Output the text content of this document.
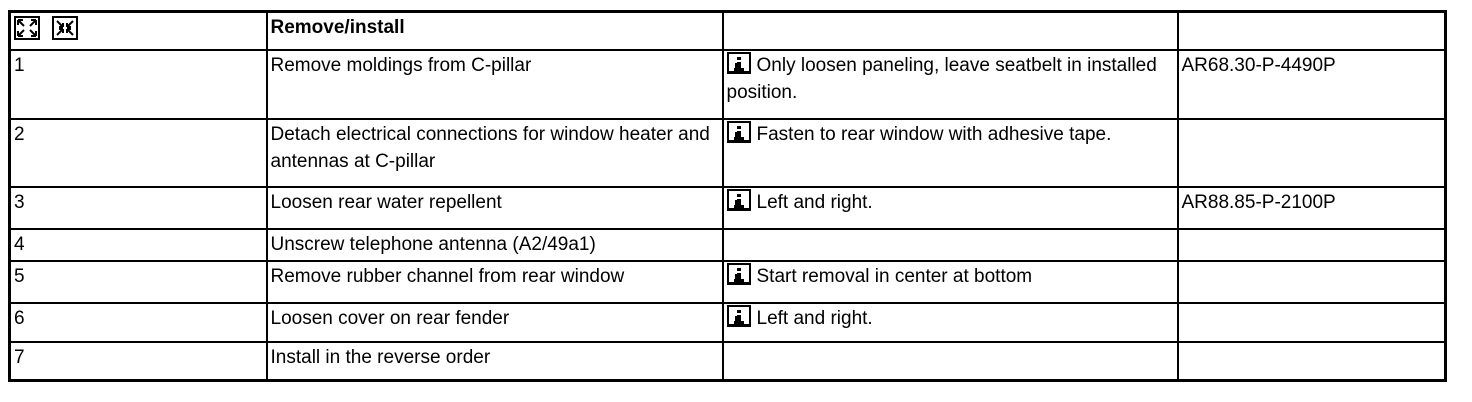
	Remove/install		
1	Remove moldings from C-pillar	Only loosen paneling, leave seatbelt in installed position.	AR68.30-P-4490P
2	Detach electrical connections for window heater and antennas at C-pillar	Fasten to rear window with adhesive tape.	
3	Loosen rear water repellent	Left and right.	AR88.85-P-2100P
4	Unscrew telephone antenna (A2/49a1)		
5	Remove rubber channel from rear window	Start removal in center at bottom	
6	Loosen cover on rear fender	Left and right.	
7	Install in the reverse order		
